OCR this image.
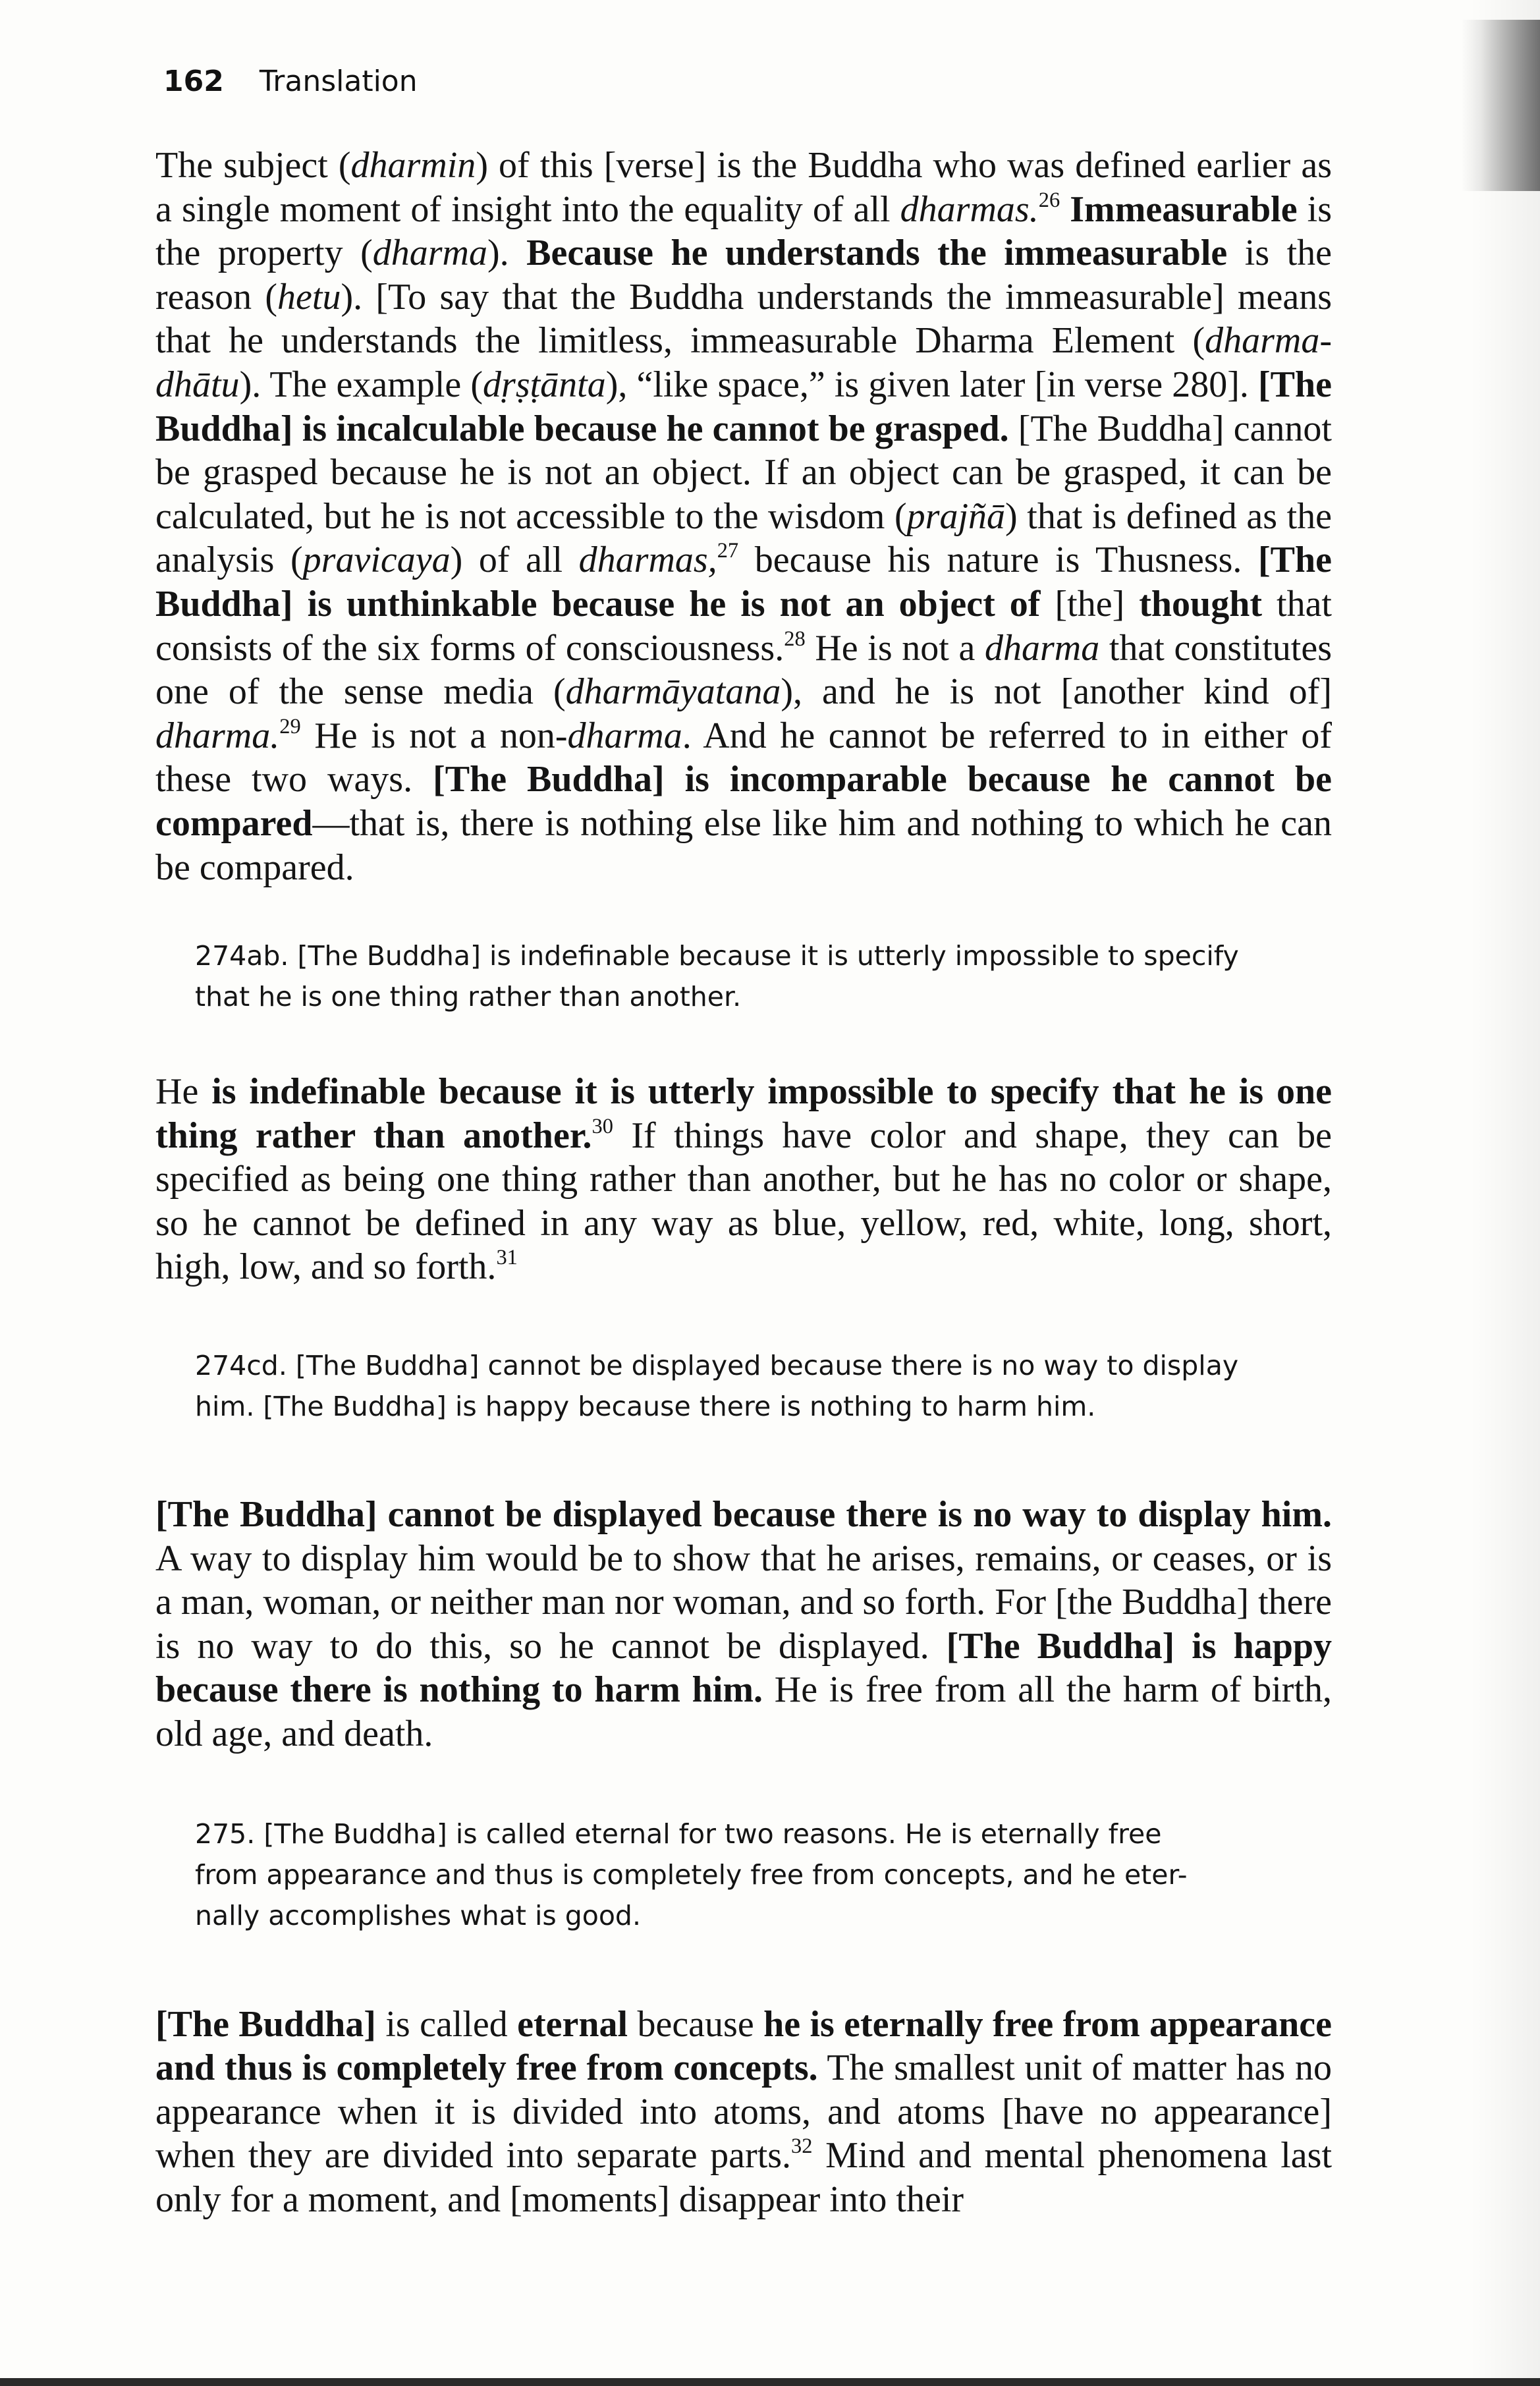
162 Translation

The subject (dharmin) of this [verse] is the Buddha who was defined earlier as a single moment of insight into the equality of all dharmas.$^{26}$ Immeasurable is the property (dharma). Because he understands the immeasurable is the reason (hetu). [To say that the Buddha understands the immeasurable] means that he understands the limitless, immeasurable Dharma Element (dharma-dhātu). The example (dṛṣṭānta), “like space,” is given later [in verse 280]. [The Buddha] is incalculable because he cannot be grasped. [The Buddha] cannot be grasped because he is not an object. If an object can be grasped, it can be calculated, but he is not accessible to the wisdom (prajñā) that is defined as the analysis (pravicaya) of all dharmas,$^{27}$ because his nature is Thusness. [The Buddha] is unthinkable because he is not an object of [the] thought that consists of the six forms of consciousness.$^{28}$ He is not a dharma that constitutes one of the sense media (dharmāyatana), and he is not [another kind of] dharma.$^{29}$ He is not a non-dharma. And he cannot be referred to in either of these two ways. [The Buddha] is incomparable because he cannot be compared—that is, there is nothing else like him and nothing to which he can be compared.

274ab. [The Buddha] is indefinable because it is utterly impossible to specify
that he is one thing rather than another.

He is indefinable because it is utterly impossible to specify that he is one thing rather than another.$^{30}$ If things have color and shape, they can be specified as being one thing rather than another, but he has no color or shape, so he cannot be defined in any way as blue, yellow, red, white, long, short, high, low, and so forth.$^{31}$

274cd. [The Buddha] cannot be displayed because there is no way to display
him. [The Buddha] is happy because there is nothing to harm him.

[The Buddha] cannot be displayed because there is no way to display him. A way to display him would be to show that he arises, remains, or ceases, or is a man, woman, or neither man nor woman, and so forth. For [the Buddha] there is no way to do this, so he cannot be displayed. [The Buddha] is happy because there is nothing to harm him. He is free from all the harm of birth, old age, and death.

275. [The Buddha] is called eternal for two reasons. He is eternally free
from appearance and thus is completely free from concepts, and he eter-
nally accomplishes what is good.

[The Buddha] is called eternal because he is eternally free from appearance and thus is completely free from concepts. The smallest unit of matter has no appearance when it is divided into atoms, and atoms [have no appearance] when they are divided into separate parts.$^{32}$ Mind and mental phenomena last only for a moment, and [moments] disappear into their
